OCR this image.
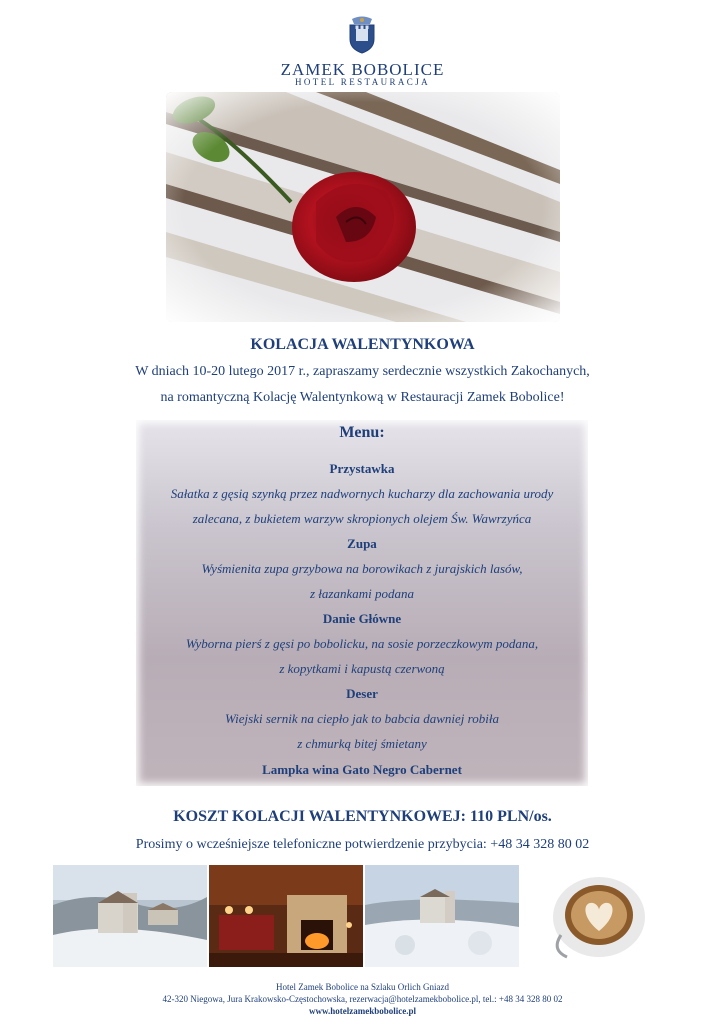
ZAMEK BOBOLICE
HOTEL RESTAURACJA
KOLACJA WALENTYNKOWA
W dniach 10-20 lutego 2017 r., zapraszamy serdecznie wszystkich Zakochanych,
na romantyczną Kolację Walentynkową w Restauracji Zamek Bobolice!
Menu:
Przystawka
Sałatka z gęsią szynką przez nadwornych kucharzy dla zachowania urody
zalecana, z bukietem warzyw skropionych olejem Św. Wawrzyńca
Zupa
Wyśmienita zupa grzybowa na borowikach z jurajskich lasów,
z łazankami podana
Danie Główne
Wyborna pierś z gęsi po bobolicku, na sosie porzeczkowym podana,
z kopytkami i kapustą czerwoną
Deser
Wiejski sernik na ciepło jak to babcia dawniej robiła
z chmurką bitej śmietany
Lampka wina Gato Negro Cabernet
KOSZT KOLACJI WALENTYNKOWEJ: 110 PLN/os.
Prosimy o wcześniejsze telefoniczne potwierdzenie przybycia: +48 34 328 80 02
Hotel Zamek Bobolice na Szlaku Orlich Gniazd
42-320 Niegowa, Jura Krakowsko-Częstochowska, rezerwacja@hotelzamekbobolice.pl, tel.: +48 34 328 80 02
www.hotelzamekbobolice.pl
